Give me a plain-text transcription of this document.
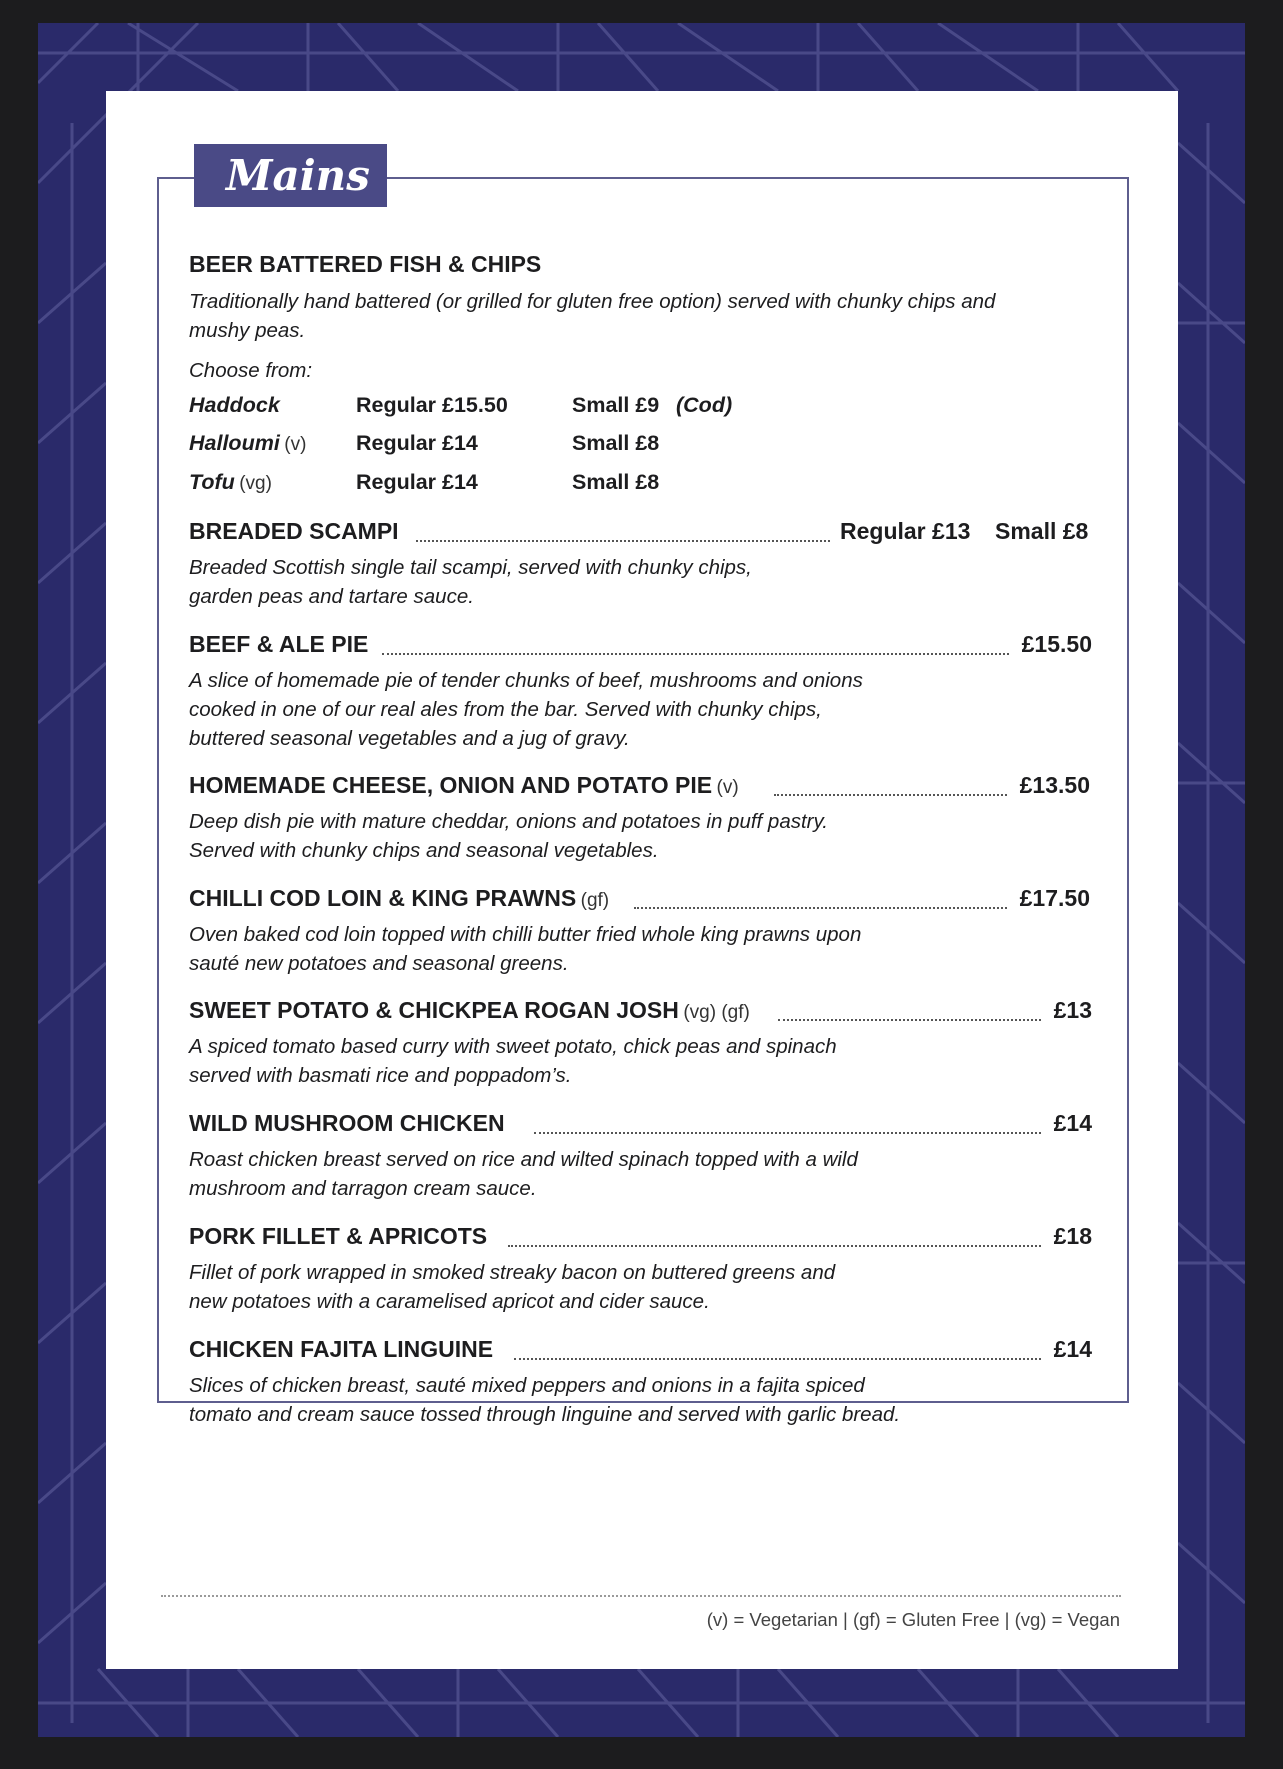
Mains
BEER BATTERED FISH & CHIPS
Traditionally hand battered (or grilled for gluten free option) served with chunky chips and
mushy peas.
Choose from:
Haddock	Regular £15.50	Small £9 (Cod)
Halloumi (v) Regular £14	Small £8
Tofu (vg)	Regular £14	Small £8
BREADED SCAMPI	Regular £13 Small £8
Breaded Scottish single tail scampi, served with chunky chips,
garden peas and tartare sauce.
BEEF & ALE PIE	£15.50
A slice of homemade pie of tender chunks of beef, mushrooms and onions
cooked in one of our real ales from the bar. Served with chunky chips,
buttered seasonal vegetables and a jug of gravy.
HOMEMADE CHEESE, ONION AND POTATO PIE (v)	£13.50
Deep dish pie with mature cheddar, onions and potatoes in puff pastry.
Served with chunky chips and seasonal vegetables.
CHILLI COD LOIN & KING PRAWNS (gf)	£17.50
Oven baked cod loin topped with chilli butter fried whole king prawns upon
sauté new potatoes and seasonal greens.
SWEET POTATO & CHICKPEA ROGAN JOSH (vg) (gf)	£13
A spiced tomato based curry with sweet potato, chick peas and spinach
served with basmati rice and poppadom’s.
WILD MUSHROOM CHICKEN	£14
Roast chicken breast served on rice and wilted spinach topped with a wild
mushroom and tarragon cream sauce.
PORK FILLET & APRICOTS	£18
Fillet of pork wrapped in smoked streaky bacon on buttered greens and
new potatoes with a caramelised apricot and cider sauce.
CHICKEN FAJITA LINGUINE	£14
Slices of chicken breast, sauté mixed peppers and onions in a fajita spiced
tomato and cream sauce tossed through linguine and served with garlic bread.
(v) = Vegetarian | (gf) = Gluten Free | (vg) = Vegan
